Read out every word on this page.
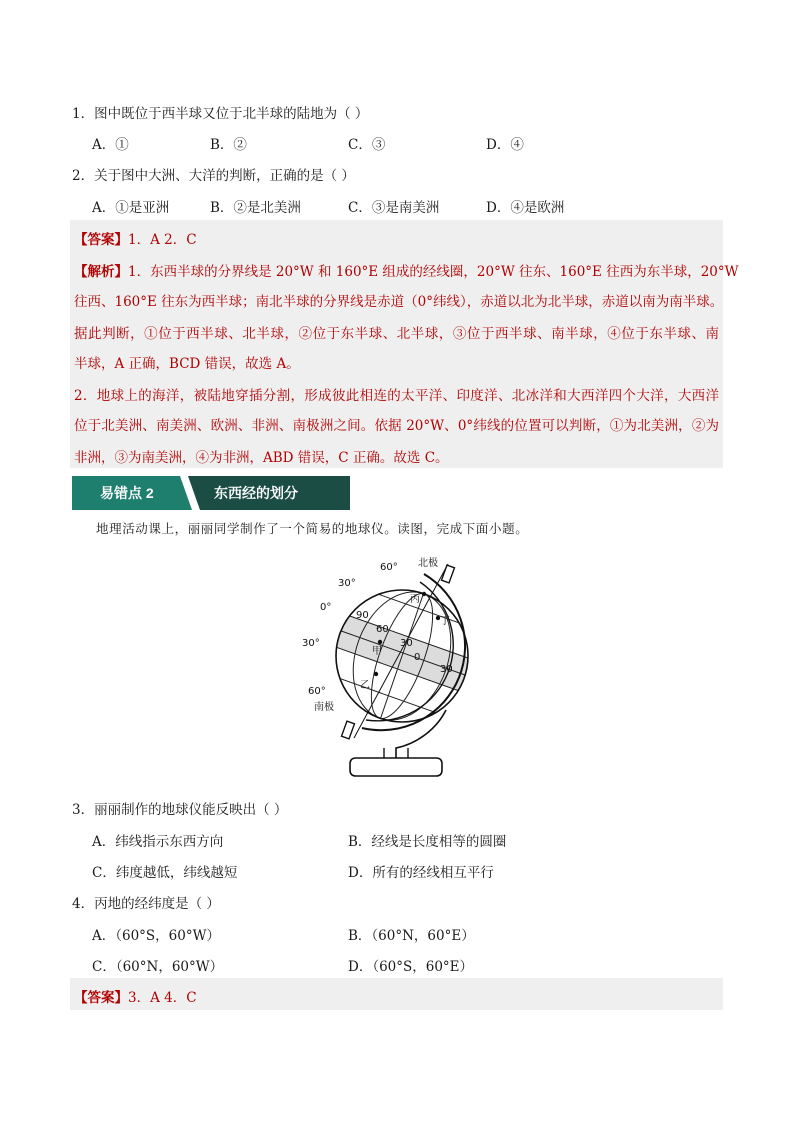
1．图中既位于西半球又位于北半球的陆地为（ ）
A．①	B．②	C．③	D．④
2．关于图中大洲、大洋的判断，正确的是（ ）
A．①是亚洲	B．②是北美洲	C．③是南美洲	D．④是欧洲
【答案】1．A 2．C
【解析】1．东西半球的分界线是 20°W 和 160°E 组成的经线圈，20°W 往东、160°E 往西为东半球，20°W
往西、160°E 往东为西半球；南北半球的分界线是赤道（0°纬线），赤道以北为北半球，赤道以南为南半球。
据此判断，①位于西半球、北半球，②位于东半球、北半球，③位于西半球、南半球，④位于东半球、南
半球，A 正确，BCD 错误，故选 A。
2．地球上的海洋，被陆地穿插分割，形成彼此相连的太平洋、印度洋、北冰洋和大西洋四个大洋，大西洋
位于北美洲、南美洲、欧洲、非洲、南极洲之间。依据 20°W、0°纬线的位置可以判断，①为北美洲，②为
非洲，③为南美洲，④为非洲，ABD 错误，C 正确。故选 C。
易错点 2	东西经的划分
地理活动课上，丽丽同学制作了一个简易的地球仪。读图，完成下面小题。
60° 北极
30°
0°
30°
60°
南极
90
60
30
0
30
甲
乙
丙
丁
3．丽丽制作的地球仪能反映出（ ）
A．纬线指示东西方向	B．经线是长度相等的圆圈
C．纬度越低，纬线越短	D．所有的经线相互平行
4．丙地的经纬度是（ ）
A．（60°S，60°W）	B．（60°N，60°E）
C．（60°N，60°W）	D．（60°S，60°E）
【答案】3．A 4．C
